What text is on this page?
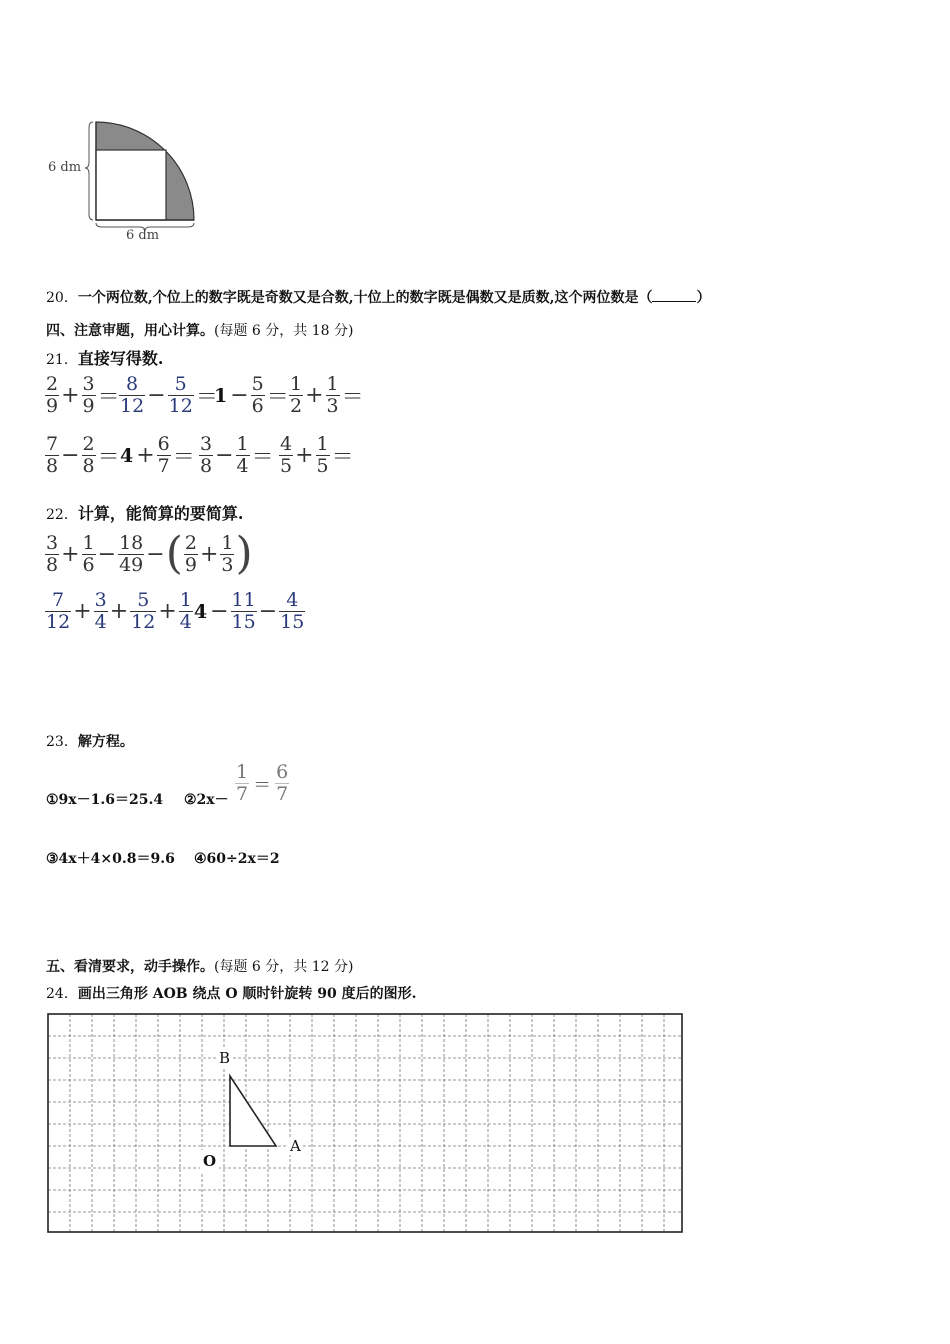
6 dm
6 dm
20．一个两位数,个位上的数字既是奇数又是合数,十位上的数字既是偶数又是质数,这个两位数是（	）
四、注意审题，用心计算。(每题 6 分，共 18 分)
21．直接写得数.
$\frac{2}{9} + \frac{3}{9} = \frac{8}{12} - \frac{5}{12}$ ＝
$1 - \frac{5}{6} = \frac{1}{2} + \frac{1}{3}$ ＝
$\frac{7}{8} - \frac{2}{8} = 4 + \frac{6}{7} = \frac{3}{8} - \frac{1}{4} = \frac{4}{5} + \frac{1}{5}$ ＝
22．计算，能简算的要简算.
$\frac{3}{8} + \frac{1}{6} - \frac{18}{49}$ − ( $\frac{2}{9} + \frac{1}{3}$ )
$\frac{7}{12} + \frac{3}{4} + \frac{5}{12} + \frac{1}{4} 4 - \frac{11}{15} - \frac{4}{15}$
23．解方程。
①9x－1.6＝25.4 ②2x－ $\frac{1}{7} = \frac{6}{7}$
③4x＋4×0.8＝9.6 ④60÷2x＝2
五、看清要求，动手操作。(每题 6 分，共 12 分)
24．画出三角形 AOB 绕点 O 顺时针旋转 90 度后的图形.
B
A
O
